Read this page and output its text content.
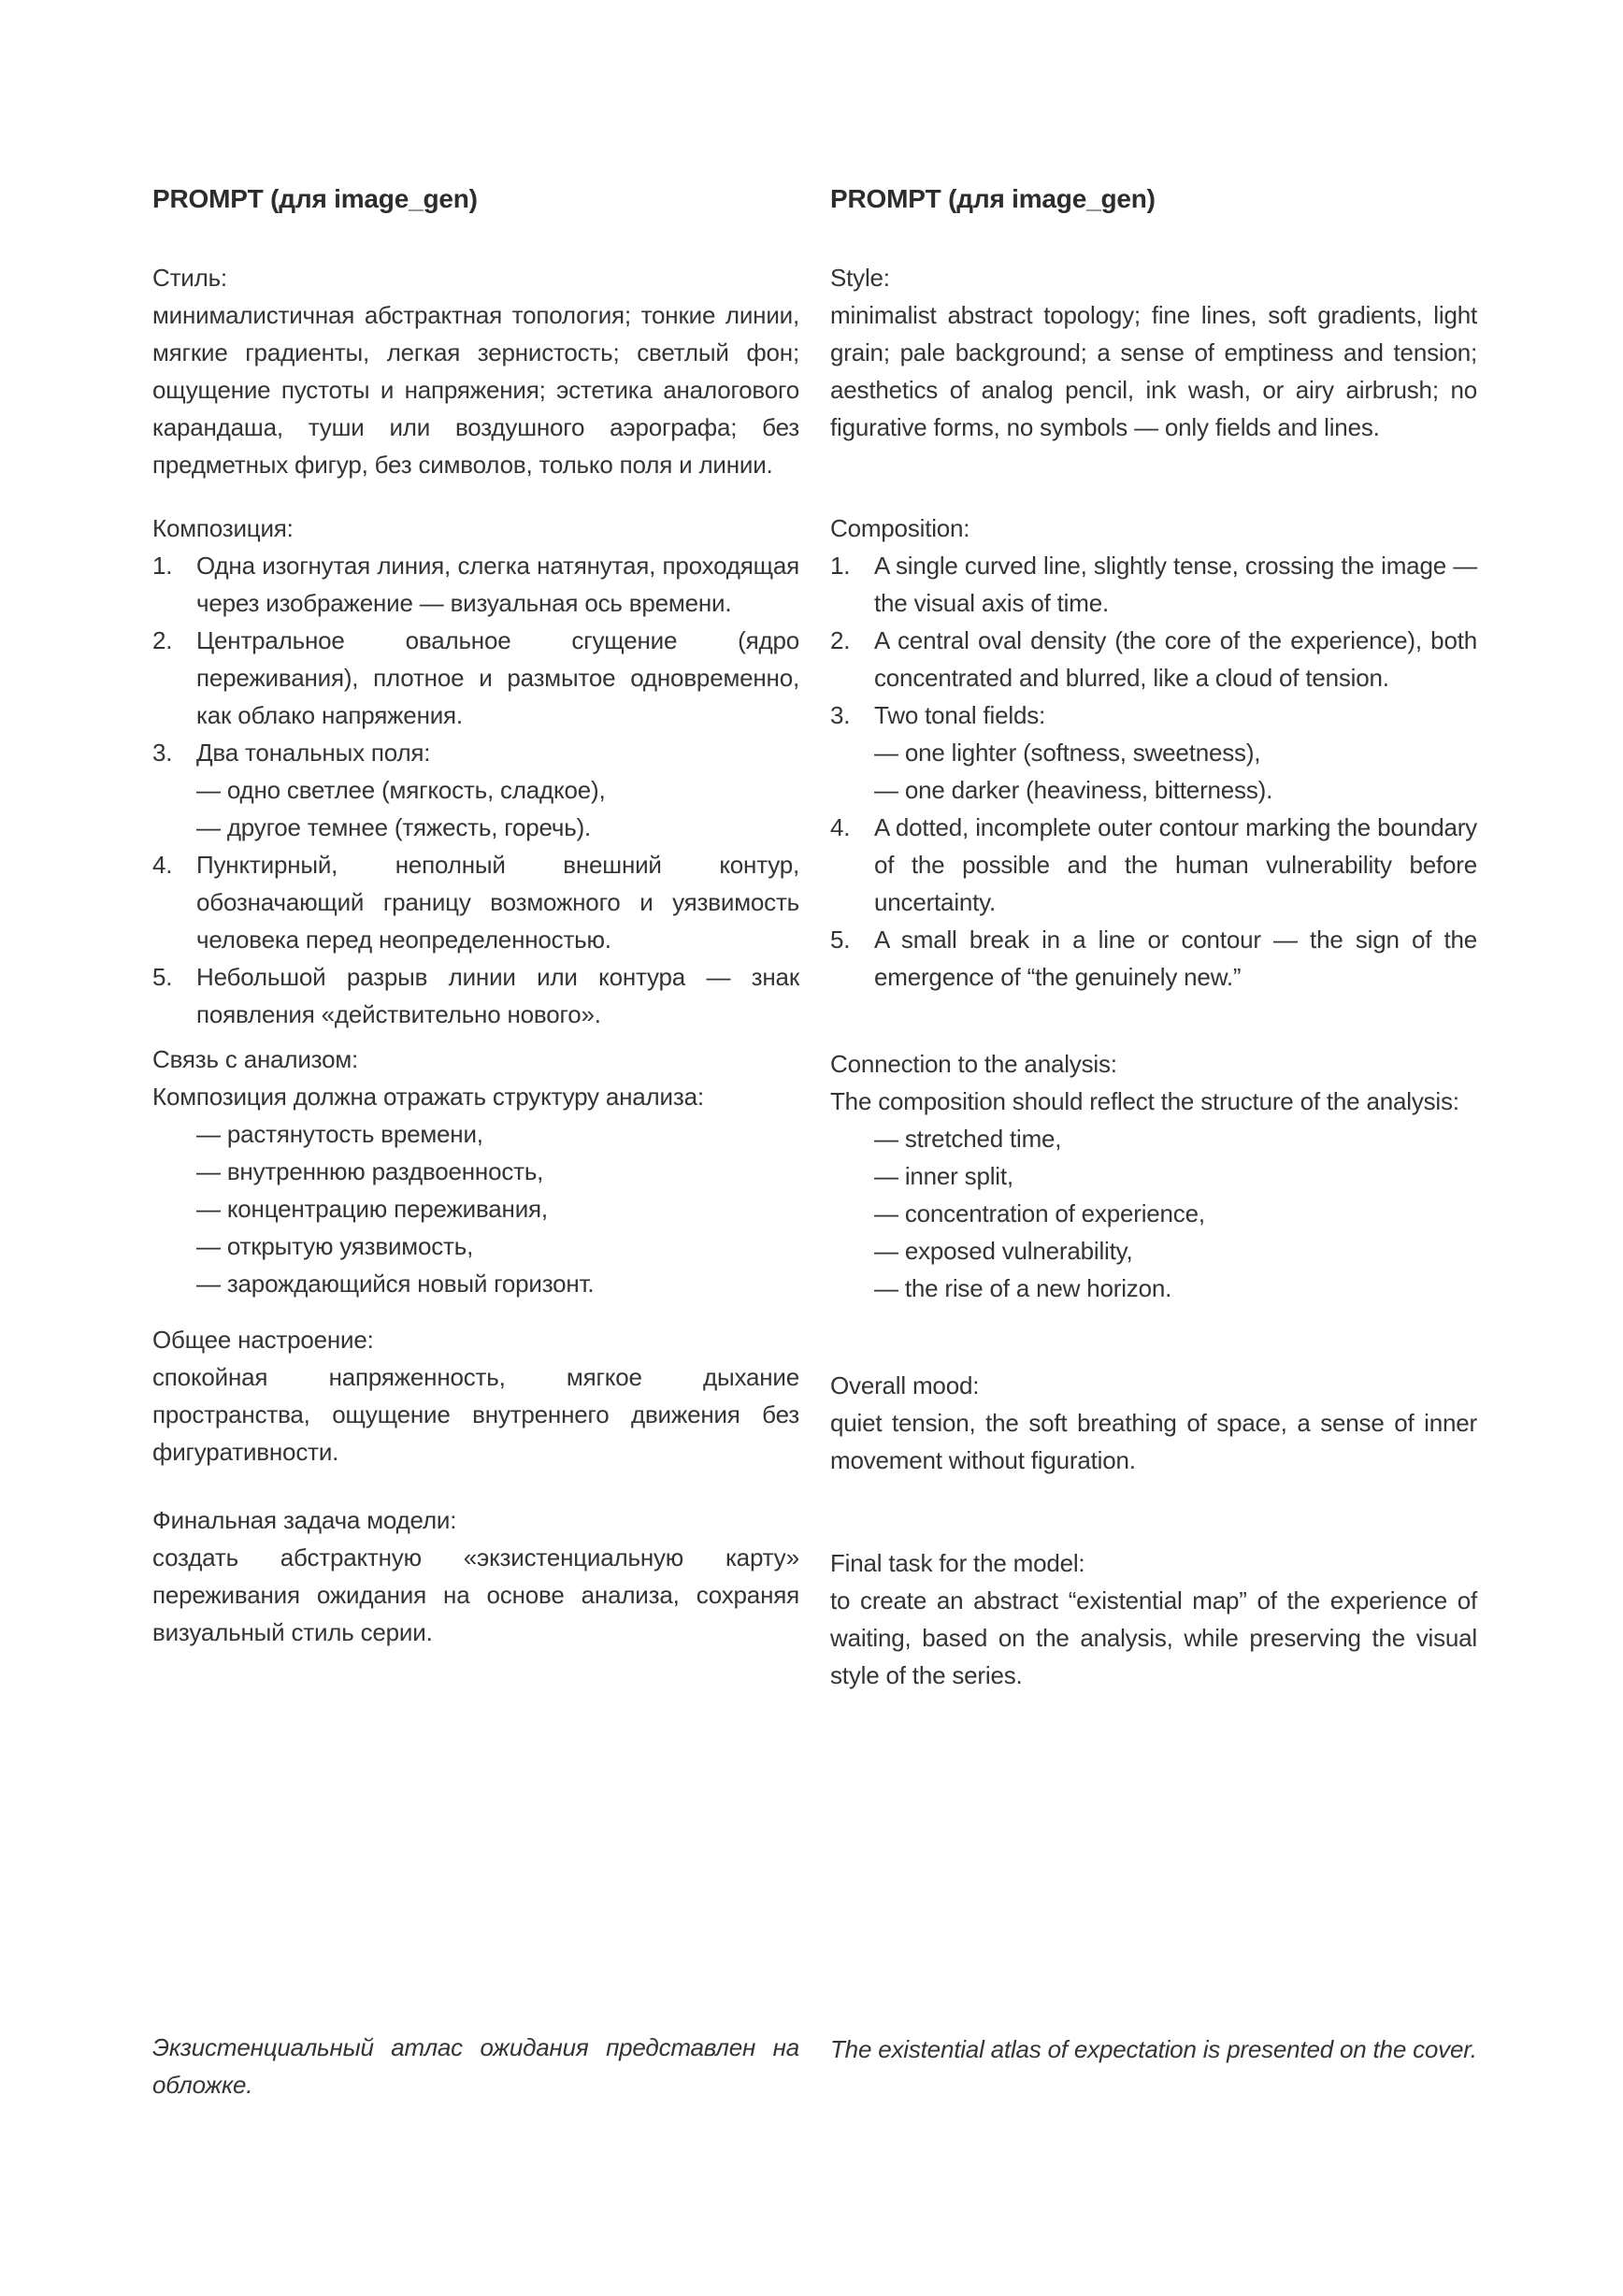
PROMPT (для image_gen)
Стиль:
минималистичная абстрактная топология; тонкие линии, мягкие градиенты, легкая зернистость; светлый фон; ощущение пустоты и напряжения; эстетика аналогового карандаша, туши или воздушного аэрографа; без предметных фигур, без символов, только поля и линии.
Композиция:
1. Одна изогнутая линия, слегка натянутая, проходящая через изображение — визуальная ось времени.
2. Центральное овальное сгущение (ядро переживания), плотное и размытое одновременно, как облако напряжения.
3. Два тональных поля:
— одно светлее (мягкость, сладкое),
— другое темнее (тяжесть, горечь).
4. Пунктирный, неполный внешний контур, обозначающий границу возможного и уязвимость человека перед неопределенностью.
5. Небольшой разрыв линии или контура — знак появления «действительно нового».
Связь с анализом:
Композиция должна отражать структуру анализа:
— растянутость времени,
— внутреннюю раздвоенность,
— концентрацию переживания,
— открытую уязвимость,
— зарождающийся новый горизонт.
Общее настроение:
спокойная напряженность, мягкое дыхание пространства, ощущение внутреннего движения без фигуративности.
Финальная задача модели:
создать абстрактную «экзистенциальную карту» переживания ожидания на основе анализа, сохраняя визуальный стиль серии.
Экзистенциальный атлас ожидания представлен на обложке.
PROMPT (для image_gen)
Style:
minimalist abstract topology; fine lines, soft gradients, light grain; pale background; a sense of emptiness and tension; aesthetics of analog pencil, ink wash, or airy airbrush; no figurative forms, no symbols — only fields and lines.
Composition:
1. A single curved line, slightly tense, crossing the image — the visual axis of time.
2. A central oval density (the core of the experience), both concentrated and blurred, like a cloud of tension.
3. Two tonal fields:
— one lighter (softness, sweetness),
— one darker (heaviness, bitterness).
4. A dotted, incomplete outer contour marking the boundary of the possible and the human vulnerability before uncertainty.
5. A small break in a line or contour — the sign of the emergence of “the genuinely new.”
Connection to the analysis:
The composition should reflect the structure of the analysis:
— stretched time,
— inner split,
— concentration of experience,
— exposed vulnerability,
— the rise of a new horizon.
Overall mood:
quiet tension, the soft breathing of space, a sense of inner movement without figuration.
Final task for the model:
to create an abstract “existential map” of the experience of waiting, based on the analysis, while preserving the visual style of the series.
The existential atlas of expectation is presented on the cover.
